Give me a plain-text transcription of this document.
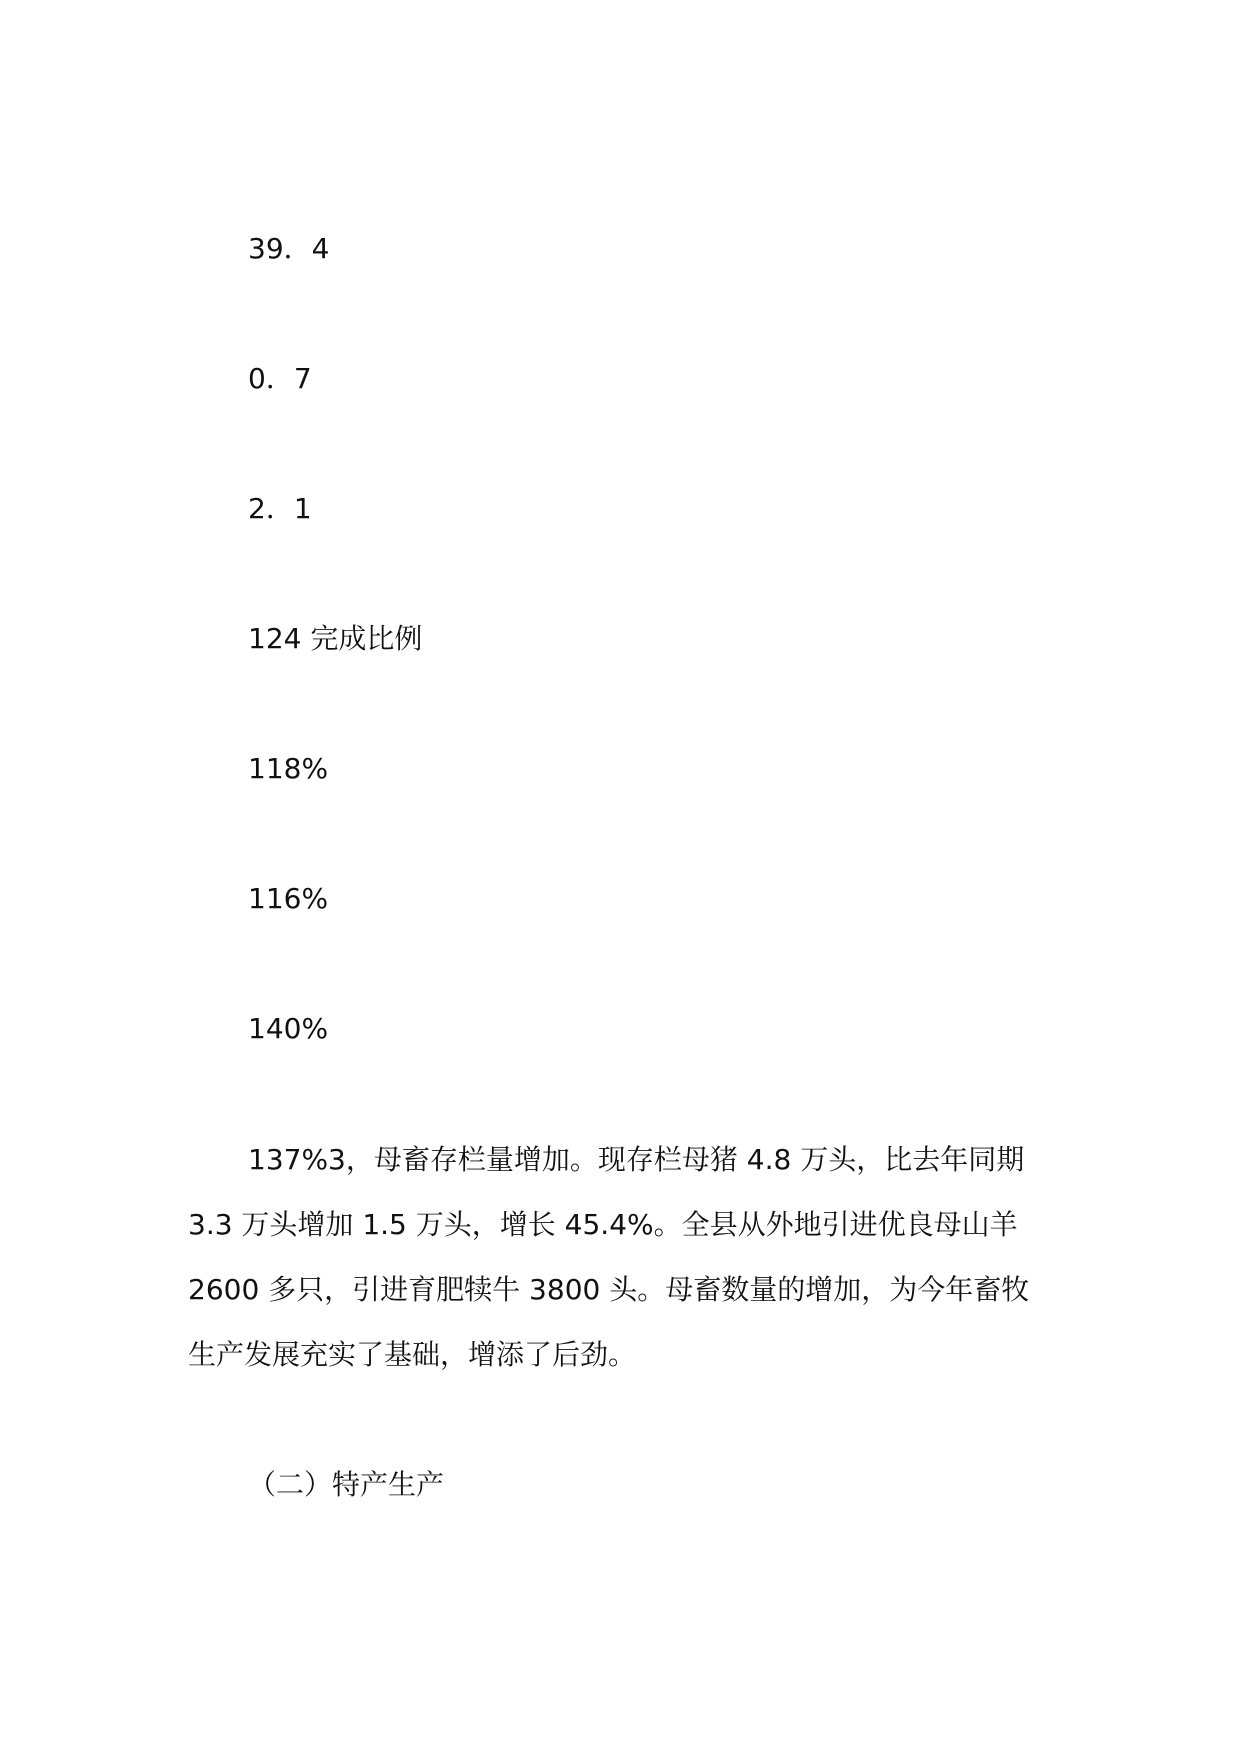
39．4
0．7
2．1
124 完成比例
118%
116%
140%
137%3，母畜存栏量增加。现存栏母猪 4.8 万头，比去年同期
3.3 万头增加 1.5 万头，增长 45.4%。全县从外地引进优良母山羊
2600 多只，引进育肥犊牛 3800 头。母畜数量的增加，为今年畜牧
生产发展充实了基础，增添了后劲。
（二）特产生产
